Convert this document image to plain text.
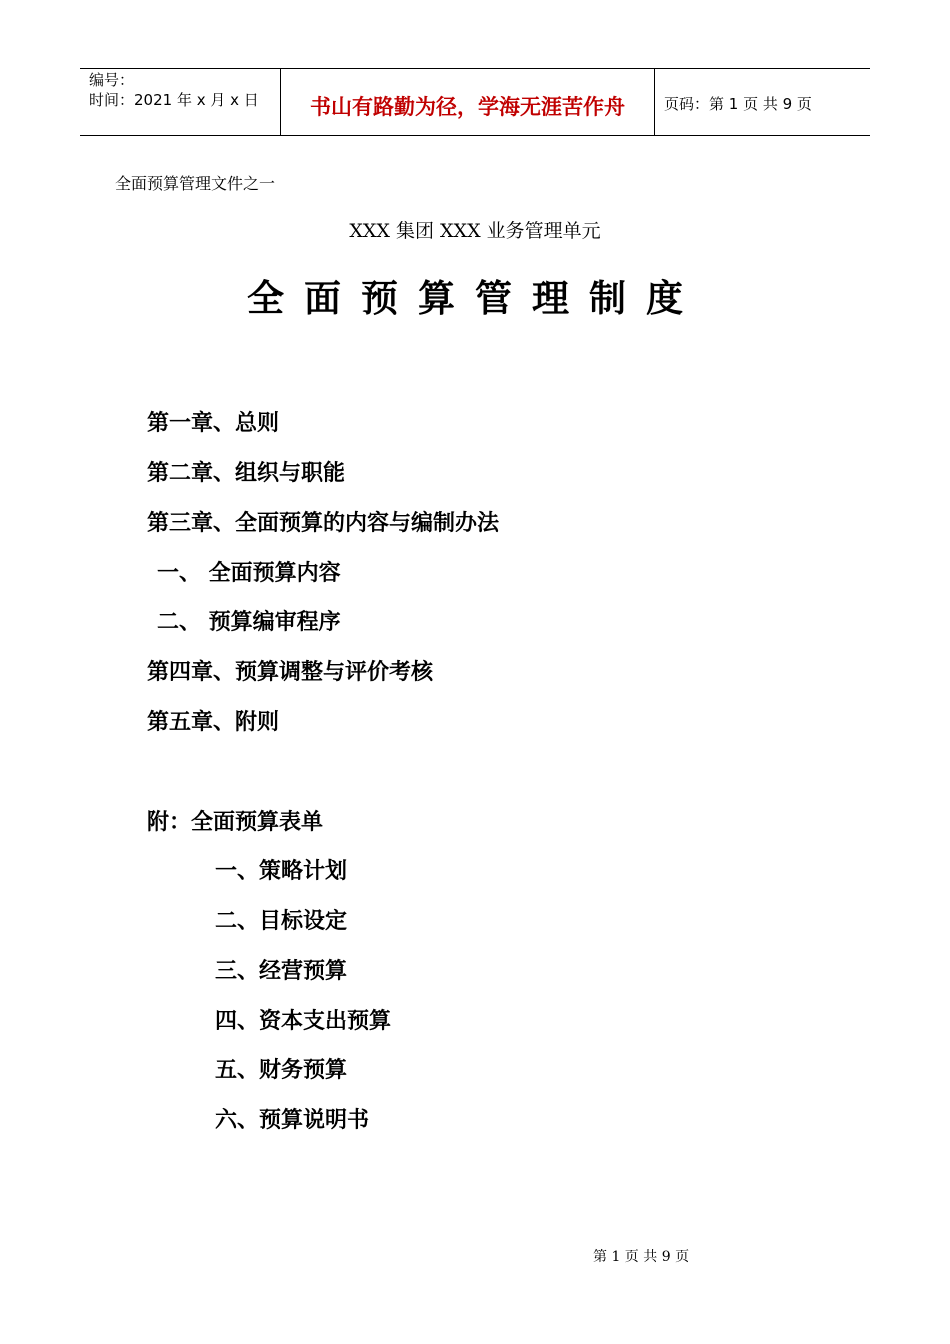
编号：
时间：2021 年 x 月 x 日	书山有路勤为径，学海无涯苦作舟	页码：第 1 页 共 9 页
全面预算管理文件之一
XXX 集团 XXX 业务管理单元
全面预算管理制度
第一章、总则
第二章、组织与职能
第三章、全面预算的内容与编制办法
一、 全面预算内容
二、 预算编审程序
第四章、预算调整与评价考核
第五章、附则
附：全面预算表单
一、策略计划
二、目标设定
三、经营预算
四、资本支出预算
五、财务预算
六、预算说明书
第 1 页 共 9 页
